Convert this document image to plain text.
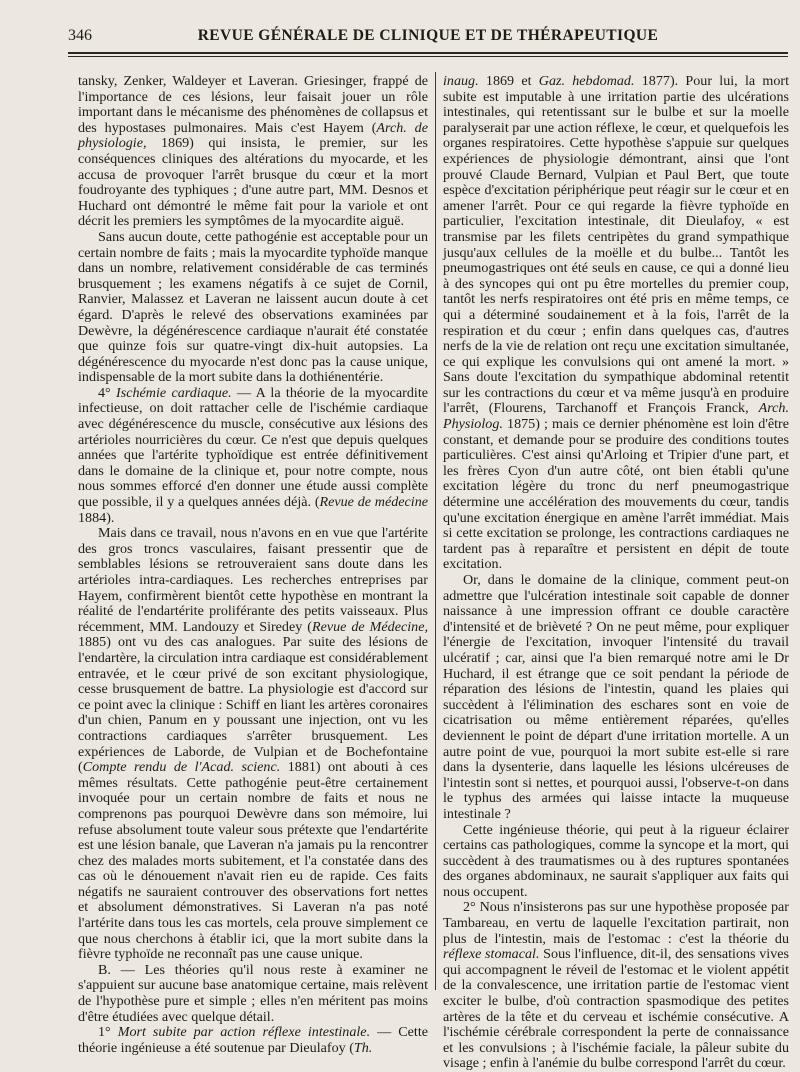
346	REVUE GÉNÉRALE DE CLINIQUE ET DE THÉRAPEUTIQUE

tansky, Zenker, Waldeyer et Laveran. Griesinger, frappé de l'importance de ces lésions, leur faisait jouer un rôle important dans le mécanisme des phénomènes de collapsus et des hypostases pulmonaires. Mais c'est Hayem (Arch. de physiologie, 1869) qui insista, le premier, sur les conséquences cliniques des altérations du myocarde, et les accusa de provoquer l'arrêt brusque du cœur et la mort foudroyante des typhiques ; d'une autre part, MM. Desnos et Huchard ont démontré le même fait pour la variole et ont décrit les premiers les symptômes de la myocardite aiguë.

Sans aucun doute, cette pathogénie est acceptable pour un certain nombre de faits ; mais la myocardite typhoïde manque dans un nombre, relativement considérable de cas terminés brusquement ; les examens négatifs à ce sujet de Cornil, Ranvier, Malassez et Laveran ne laissent aucun doute à cet égard. D'après le relevé des observations examinées par Dewèvre, la dégénérescence cardiaque n'aurait été constatée que quinze fois sur quatre-vingt dix-huit autopsies. La dégénérescence du myocarde n'est donc pas la cause unique, indispensable de la mort subite dans la dothiénentérie.

4° Ischémie cardiaque. — A la théorie de la myocardite infectieuse, on doit rattacher celle de l'ischémie cardiaque avec dégénérescence du muscle, consécutive aux lésions des artérioles nourricières du cœur. Ce n'est que depuis quelques années que l'artérite typhoïdique est entrée définitivement dans le domaine de la clinique et, pour notre compte, nous nous sommes efforcé d'en donner une étude aussi complète que possible, il y a quelques années déjà. (Revue de médecine 1884).

Mais dans ce travail, nous n'avons en en vue que l'artérite des gros troncs vasculaires, faisant pressentir que de semblables lésions se retrouveraient sans doute dans les artérioles intra-cardiaques. Les recherches entreprises par Hayem, confirmèrent bientôt cette hypothèse en montrant la réalité de l'endartérite proliférante des petits vaisseaux. Plus récemment, MM. Landouzy et Siredey (Revue de Médecine, 1885) ont vu des cas analogues. Par suite des lésions de l'endartère, la circulation intra cardiaque est considérablement entravée, et le cœur privé de son excitant physiologique, cesse brusquement de battre. La physiologie est d'accord sur ce point avec la clinique : Schiff en liant les artères coronaires d'un chien, Panum en y poussant une injection, ont vu les contractions cardiaques s'arrêter brusquement. Les expériences de Laborde, de Vulpian et de Bochefontaine (Compte rendu de l'Acad. scienc. 1881) ont abouti à ces mêmes résultats. Cette pathogénie peut-être certainement invoquée pour un certain nombre de faits et nous ne comprenons pas pourquoi Dewèvre dans son mémoire, lui refuse absolument toute valeur sous prétexte que l'endartérite est une lésion banale, que Laveran n'a jamais pu la rencontrer chez des malades morts subitement, et l'a constatée dans des cas où le dénouement n'avait rien eu de rapide. Ces faits négatifs ne sauraient controuver des observations fort nettes et absolument démonstratives. Si Laveran n'a pas noté l'artérite dans tous les cas mortels, cela prouve simplement ce que nous cherchons à établir ici, que la mort subite dans la fièvre typhoïde ne reconnaît pas une cause unique.

B. — Les théories qu'il nous reste à examiner ne s'appuient sur aucune base anatomique certaine, mais relèvent de l'hypothèse pure et simple ; elles n'en méritent pas moins d'être étudiées avec quelque détail.

1° Mort subite par action réflexe intestinale. — Cette théorie ingénieuse a été soutenue par Dieulafoy (Th.

inaug. 1869 et Gaz. hebdomad. 1877). Pour lui, la mort subite est imputable à une irritation partie des ulcérations intestinales, qui retentissant sur le bulbe et sur la moelle paralyserait par une action réflexe, le cœur, et quelquefois les organes respiratoires. Cette hypothèse s'appuie sur quelques expériences de physiologie démontrant, ainsi que l'ont prouvé Claude Bernard, Vulpian et Paul Bert, que toute espèce d'excitation périphérique peut réagir sur le cœur et en amener l'arrêt. Pour ce qui regarde la fièvre typhoïde en particulier, l'excitation intestinale, dit Dieulafoy, « est transmise par les filets centripètes du grand sympathique jusqu'aux cellules de la moëlle et du bulbe... Tantôt les pneumogastriques ont été seuls en cause, ce qui a donné lieu à des syncopes qui ont pu être mortelles du premier coup, tantôt les nerfs respiratoires ont été pris en même temps, ce qui a déterminé soudainement et à la fois, l'arrêt de la respiration et du cœur ; enfin dans quelques cas, d'autres nerfs de la vie de relation ont reçu une excitation simultanée, ce qui explique les convulsions qui ont amené la mort. » Sans doute l'excitation du sympathique abdominal retentit sur les contractions du cœur et va même jusqu'à en produire l'arrêt, (Flourens, Tarchanoff et François Franck, Arch. Physiolog. 1875) ; mais ce dernier phénomène est loin d'être constant, et demande pour se produire des conditions toutes particulières. C'est ainsi qu'Arloing et Tripier d'une part, et les frères Cyon d'un autre côté, ont bien établi qu'une excitation légère du tronc du nerf pneumogastrique détermine une accélération des mouvements du cœur, tandis qu'une excitation énergique en amène l'arrêt immédiat. Mais si cette excitation se prolonge, les contractions cardiaques ne tardent pas à reparaître et persistent en dépit de toute excitation.

Or, dans le domaine de la clinique, comment peut-on admettre que l'ulcération intestinale soit capable de donner naissance à une impression offrant ce double caractère d'intensité et de brièveté ? On ne peut même, pour expliquer l'énergie de l'excitation, invoquer l'intensité du travail ulcératif ; car, ainsi que l'a bien remarqué notre ami le Dr Huchard, il est étrange que ce soit pendant la période de réparation des lésions de l'intestin, quand les plaies qui succèdent à l'élimination des eschares sont en voie de cicatrisation ou même entièrement réparées, qu'elles deviennent le point de départ d'une irritation mortelle. A un autre point de vue, pourquoi la mort subite est-elle si rare dans la dysenterie, dans laquelle les lésions ulcéreuses de l'intestin sont si nettes, et pourquoi aussi, l'observe-t-on dans le typhus des armées qui laisse intacte la muqueuse intestinale ?

Cette ingénieuse théorie, qui peut à la rigueur éclairer certains cas pathologiques, comme la syncope et la mort, qui succèdent à des traumatismes ou à des ruptures spontanées des organes abdominaux, ne saurait s'appliquer aux faits qui nous occupent.

2° Nous n'insisterons pas sur une hypothèse proposée par Tambareau, en vertu de laquelle l'excitation partirait, non plus de l'intestin, mais de l'estomac : c'est la théorie du réflexe stomacal. Sous l'influence, dit-il, des sensations vives qui accompagnent le réveil de l'estomac et le violent appétit de la convalescence, une irritation partie de l'estomac vient exciter le bulbe, d'où contraction spasmodique des petites artères de la tête et du cerveau et ischémie consécutive. A l'ischémie cérébrale correspondent la perte de connaissance et les convulsions ; à l'ischémie faciale, la pâleur subite du visage ; enfin à l'anémie du bulbe correspond l'arrêt du cœur.
